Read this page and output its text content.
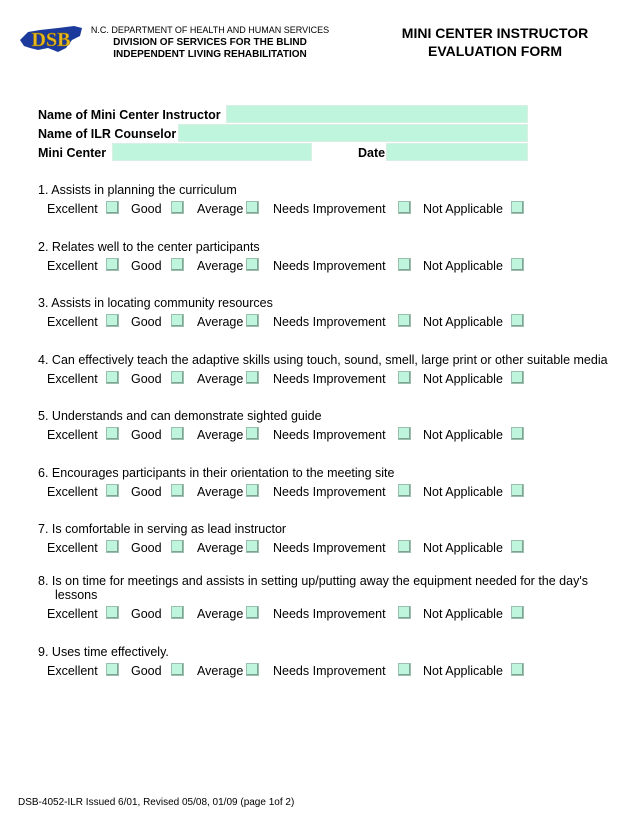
DSB N.C. DEPARTMENT OF HEALTH AND HUMAN SERVICES
DIVISION OF SERVICES FOR THE BLIND
INDEPENDENT LIVING REHABILITATION
MINI CENTER INSTRUCTOR
EVALUATION FORM
Name of Mini Center Instructor
Name of ILR Counselor
Mini Center	Date
1. Assists in planning the curriculum
Excellent	Good	Average Needs Improvement	Not Applicable
2. Relates well to the center participants
Excellent	Good	Average Needs Improvement	Not Applicable
3. Assists in locating community resources
Excellent	Good	Average Needs Improvement	Not Applicable
4. Can effectively teach the adaptive skills using touch, sound, smell, large print or other suitable media
Excellent	Good	Average Needs Improvement	Not Applicable
5. Understands and can demonstrate sighted guide
Excellent	Good	Average Needs Improvement	Not Applicable
6. Encourages participants in their orientation to the meeting site
Excellent	Good	Average Needs Improvement	Not Applicable
7. Is comfortable in serving as lead instructor
Excellent	Good	Average Needs Improvement	Not Applicable
8. Is on time for meetings and assists in setting up/putting away the equipment needed for the day's
lessons
Excellent	Good	Average Needs Improvement	Not Applicable
9. Uses time effectively.
Excellent	Good	Average Needs Improvement	Not Applicable
DSB-4052-ILR Issued 6/01, Revised 05/08, 01/09 (page 1of 2)
